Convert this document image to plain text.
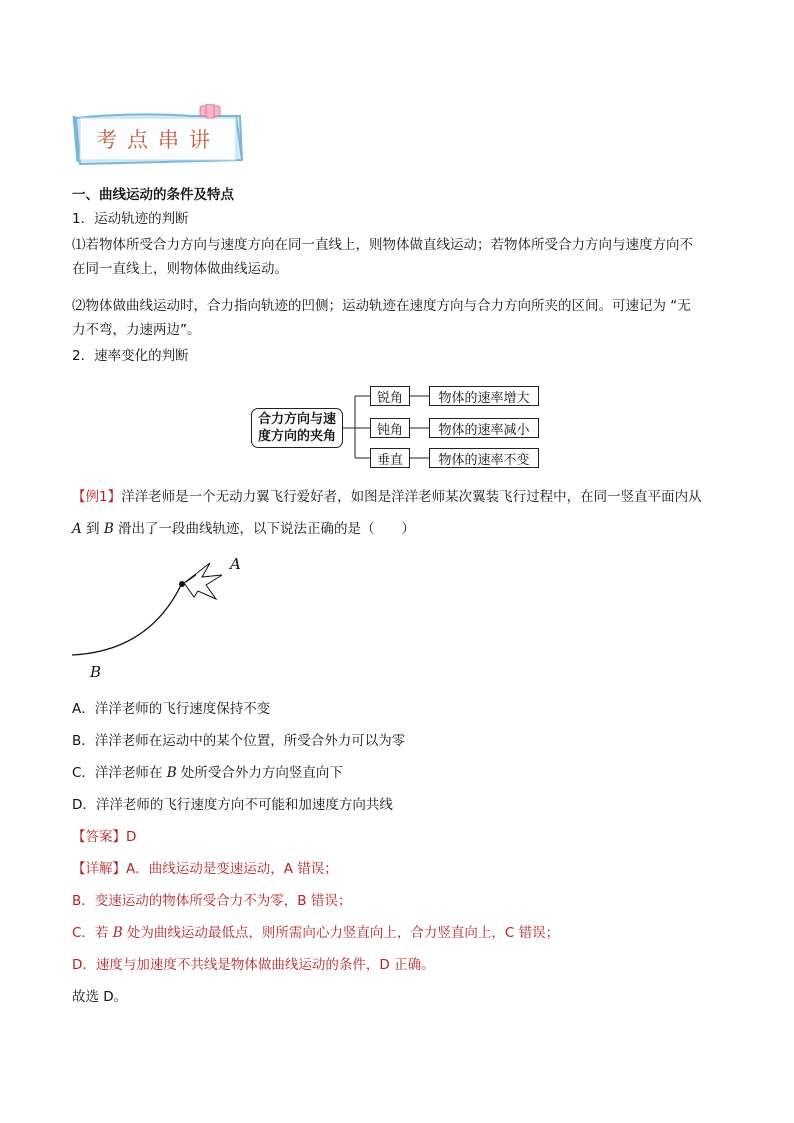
考点串讲
一、曲线运动的条件及特点
1．运动轨迹的判断
⑴若物体所受合力方向与速度方向在同一直线上，则物体做直线运动；若物体所受合力方向与速度方向不
在同一直线上，则物体做曲线运动。
⑵物体做曲线运动时，合力指向轨迹的凹侧；运动轨迹在速度方向与合力方向所夹的区间。可速记为 “无
力不弯，力速两边”。
2．速率变化的判断
合力方向与速
度方向的夹角
锐角
钝角
垂直
物体的速率增大
物体的速率减小
物体的速率不变
【例1】洋洋老师是一个无动力翼飞行爱好者，如图是洋洋老师某次翼装飞行过程中，在同一竖直平面内从
A 到 B 滑出了一段曲线轨迹，以下说法正确的是（　　）
A
B
A．洋洋老师的飞行速度保持不变
B．洋洋老师在运动中的某个位置，所受合外力可以为零
C．洋洋老师在 B 处所受合外力方向竖直向下
D．洋洋老师的飞行速度方向不可能和加速度方向共线
【答案】D
【详解】A．曲线运动是变速运动，A 错误；
B．变速运动的物体所受合力不为零，B 错误；
C．若 B 处为曲线运动最低点，则所需向心力竖直向上，合力竖直向上，C 错误；
D．速度与加速度不共线是物体做曲线运动的条件，D 正确。
故选 D。
